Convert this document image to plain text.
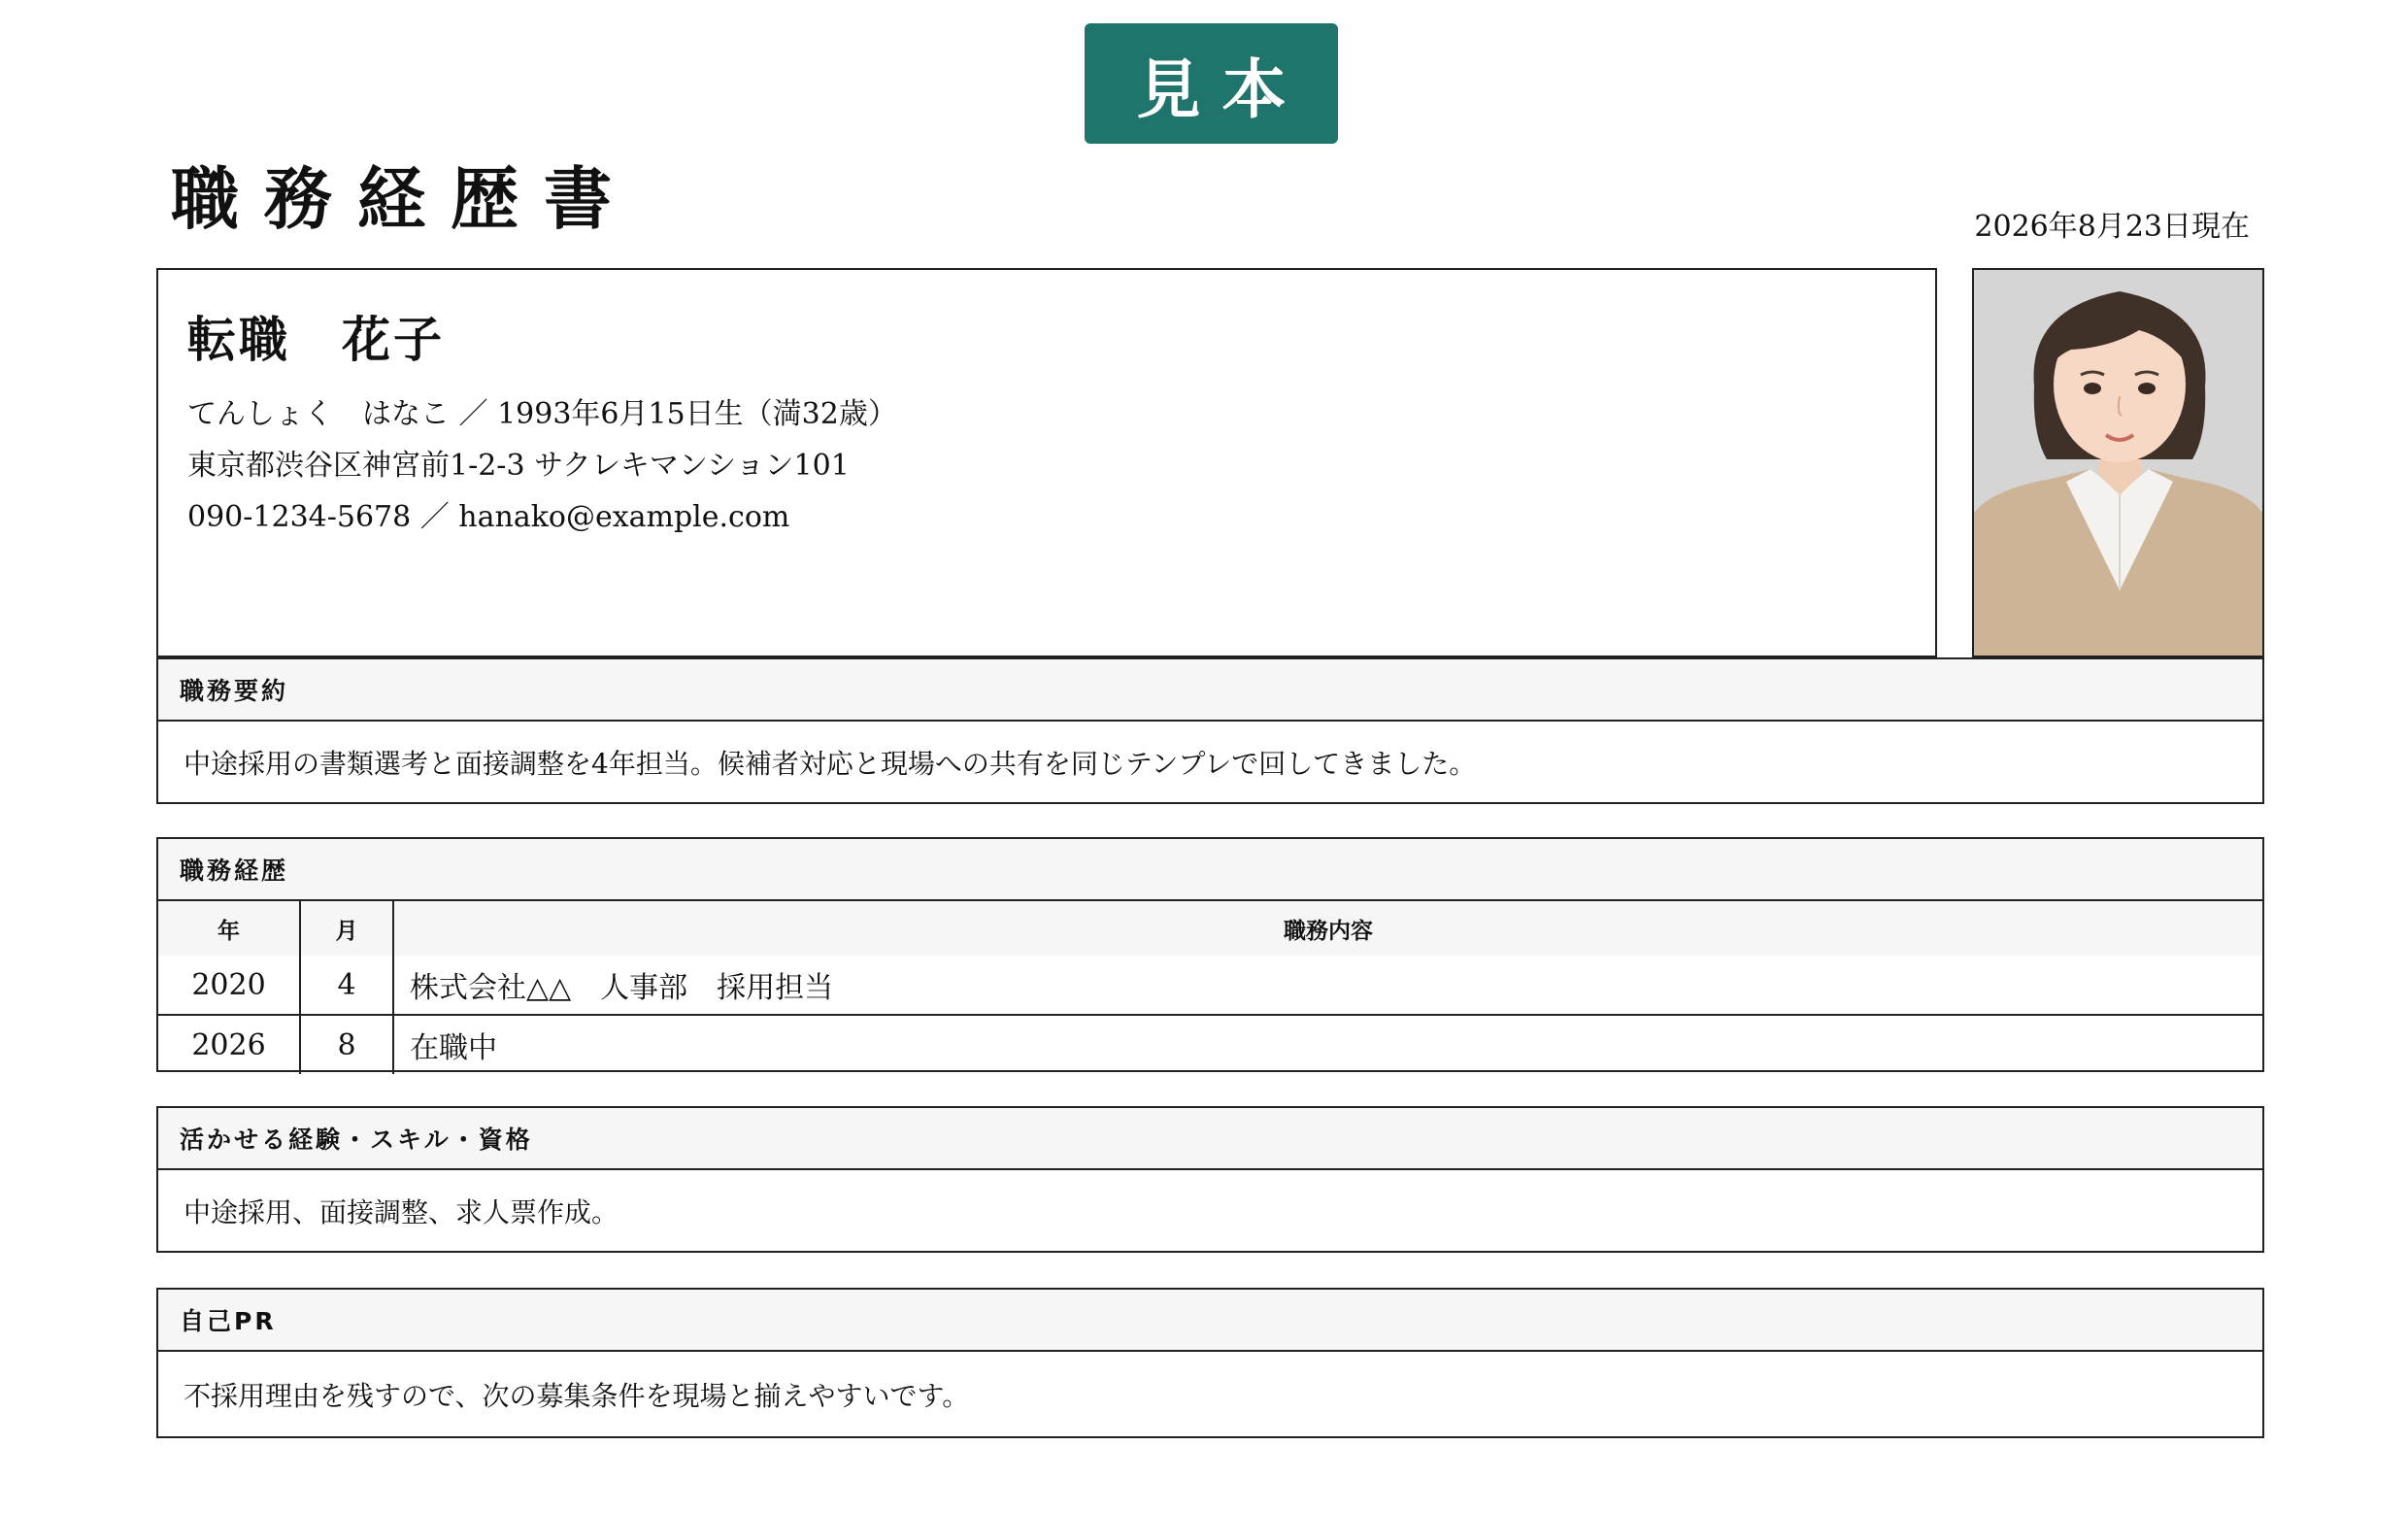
見本
職務経歴書	2026年8月23日現在
転職　花子
てんしょく　はなこ ／ 1993年6月15日生（満32歳）
東京都渋谷区神宮前1-2-3 サクレキマンション101
090-1234-5678 ／ hanako@example.com
職務要約
中途採用の書類選考と面接調整を4年担当。候補者対応と現場への共有を同じテンプレで回してきました。
職務経歴
年	月	職務内容
2020	4	株式会社△△　人事部　採用担当
2026	8	在職中
活かせる経験・スキル・資格
中途採用、面接調整、求人票作成。
自己PR
不採用理由を残すので、次の募集条件を現場と揃えやすいです。
